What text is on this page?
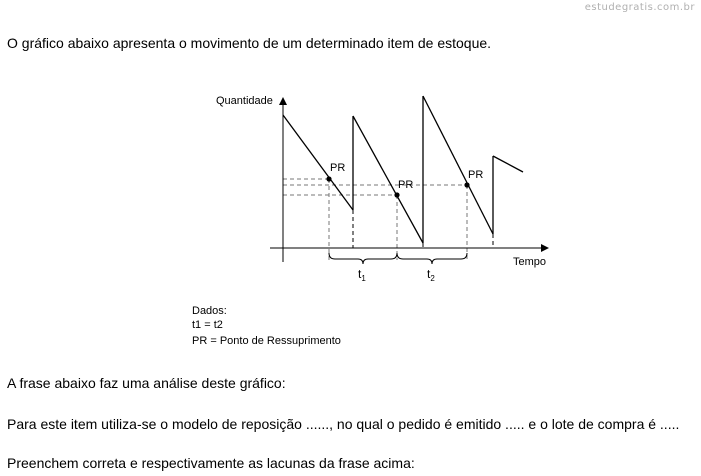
estudegratis.com.br
O gráfico abaixo apresenta o movimento de um determinado item de estoque.
Quantidade
Tempo
PR
PR
PR
$t_1$	$t_2$
Dados:
t1 = t2
PR = Ponto de Ressuprimento
A frase abaixo faz uma análise deste gráfico:
Para este item utiliza-se o modelo de reposição ......, no qual o pedido é emitido ..... e o lote de compra é .....
Preenchem correta e respectivamente as lacunas da frase acima:
